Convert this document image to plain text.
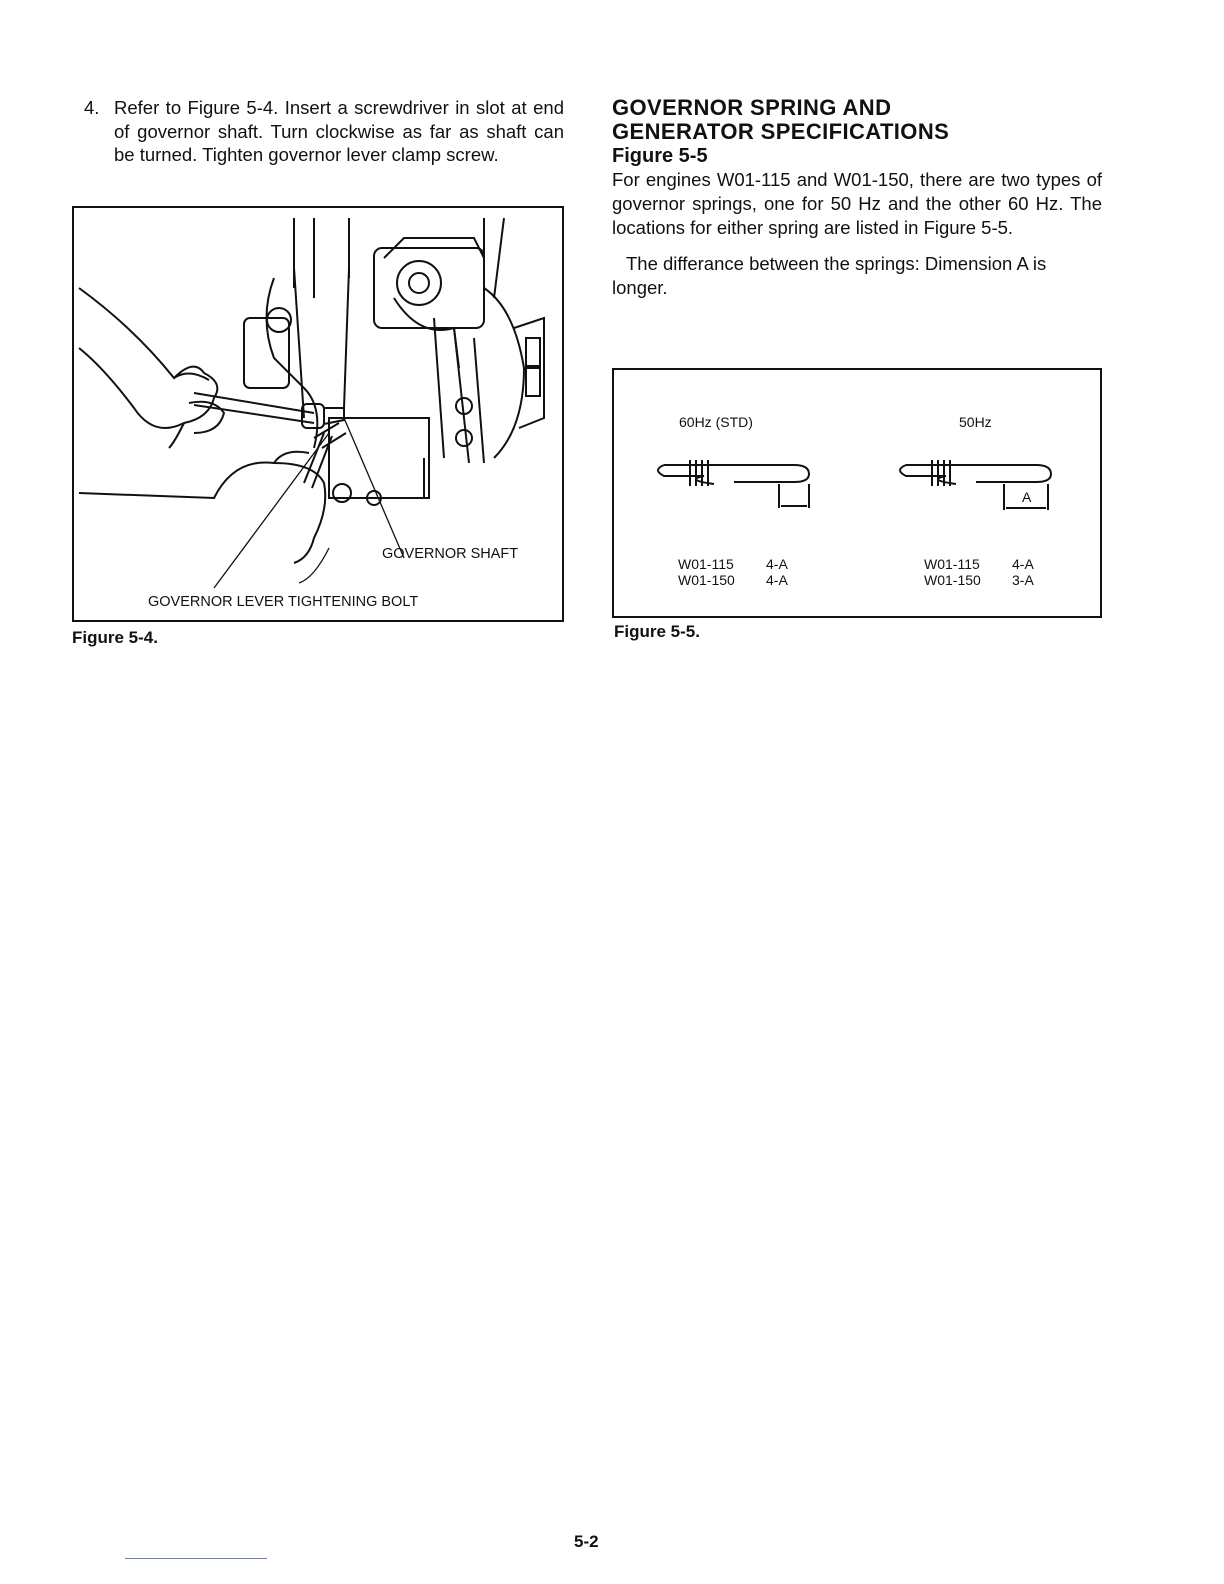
4. Refer to Figure 5-4. Insert a screwdriver in slot at end of governor shaft. Turn clockwise as far as shaft can be turned. Tighten governor lever clamp screw.
GOVERNOR SHAFT
GOVERNOR LEVER TIGHTENING BOLT
Figure 5-4.
GOVERNOR SPRING AND
GENERATOR SPECIFICATIONS
Figure 5-5

For engines W01-115 and W01-150, there are two types of governor springs, one for 50 Hz and the other 60 Hz. The locations for either spring are listed in Figure 5-5.

The differance between the springs: Dimension A is longer.

60Hz (STD)	50Hz
A
W01-115 4-A
W01-150 4-A
W01-115 4-A
W01-150 3-A
Figure 5-5.
5-2
